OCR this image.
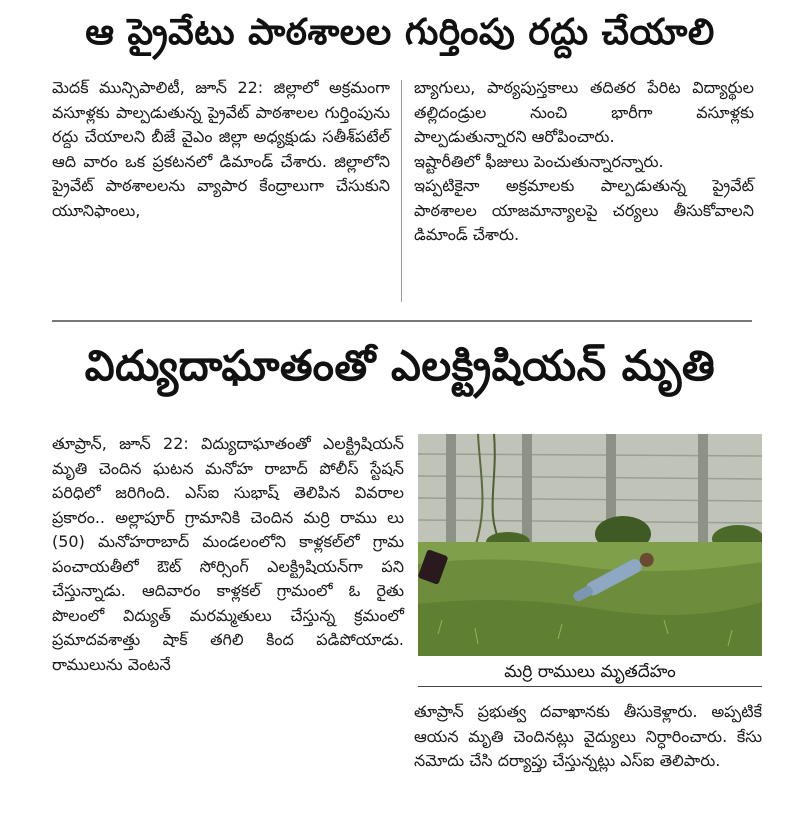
ఆ ప్రైవేటు పాఠశాలల గుర్తింపు రద్దు చేయాలి

మెదక్ మున్సిపాలిటీ, జూన్ 22: జిల్లాలో అక్రమంగా వసూళ్లకు పాల్పడుతున్న ప్రైవేట్ పాఠశాలల గుర్తింపును రద్దు చేయాలని బీజే వైఎం జిల్లా అధ్యక్షుడు సతీశ్‌పటేల్ ఆది వారం ఒక ప్రకటనలో డిమాండ్ చేశారు. జిల్లాలోని ప్రైవేట్ పాఠశాలలను వ్యాపార కేంద్రాలుగా చేసుకుని యూనిఫాంలు,

బ్యాగులు, పాఠ్యపుస్తకాలు తదితర పేరిట విద్యార్థుల తల్లిదండ్రుల నుంచి భారీగా వసూళ్లకు పాల్పడుతున్నారని ఆరోపించారు.

ఇష్టారీతిలో ఫీజులు పెంచుతున్నారన్నారు.

ఇప్పటికైనా అక్రమాలకు పాల్పడుతున్న ప్రైవేట్ పాఠశాలల యాజమాన్యాలపై చర్యలు తీసుకోవాలని డిమాండ్ చేశారు.

విద్యుదాఘాతంతో ఎలక్ట్రిషియన్ మృతి

తూప్రాన్, జూన్ 22: విద్యుదాఘాతంతో ఎలక్ట్రిషియన్ మృతి చెందిన ఘటన మనోహ రాబాద్ పోలీస్ స్టేషన్ పరిధిలో జరిగింది. ఎస్ఐ సుభాష్ తెలిపిన వివరాల ప్రకారం.. అల్లాపూర్ గ్రామానికి చెందిన మర్రి రాము లు (50) మనోహరాబాద్ మండలంలోని కాళ్లకల్‌లో గ్రామ పంచాయతీలో ఔట్ సోర్సింగ్ ఎలక్ట్రిషియన్‌గా పని చేస్తున్నాడు. ఆదివారం కాళ్లకల్ గ్రామంలో ఓ రైతు పొలంలో విద్యుత్ మరమ్మతులు చేస్తున్న క్రమంలో ప్రమాదవశాత్తు షాక్ తగిలి కింద పడిపోయాడు. రాములును వెంటనే	మర్రి రాములు మృతదేహం

తూప్రాన్ ప్రభుత్వ దవాఖానకు తీసుకెళ్లారు. అప్పటికే ఆయన మృతి చెందినట్లు వైద్యులు నిర్ధారించారు. కేసు నమోదు చేసి దర్యాప్తు చేస్తున్నట్లు ఎస్ఐ తెలిపారు.
